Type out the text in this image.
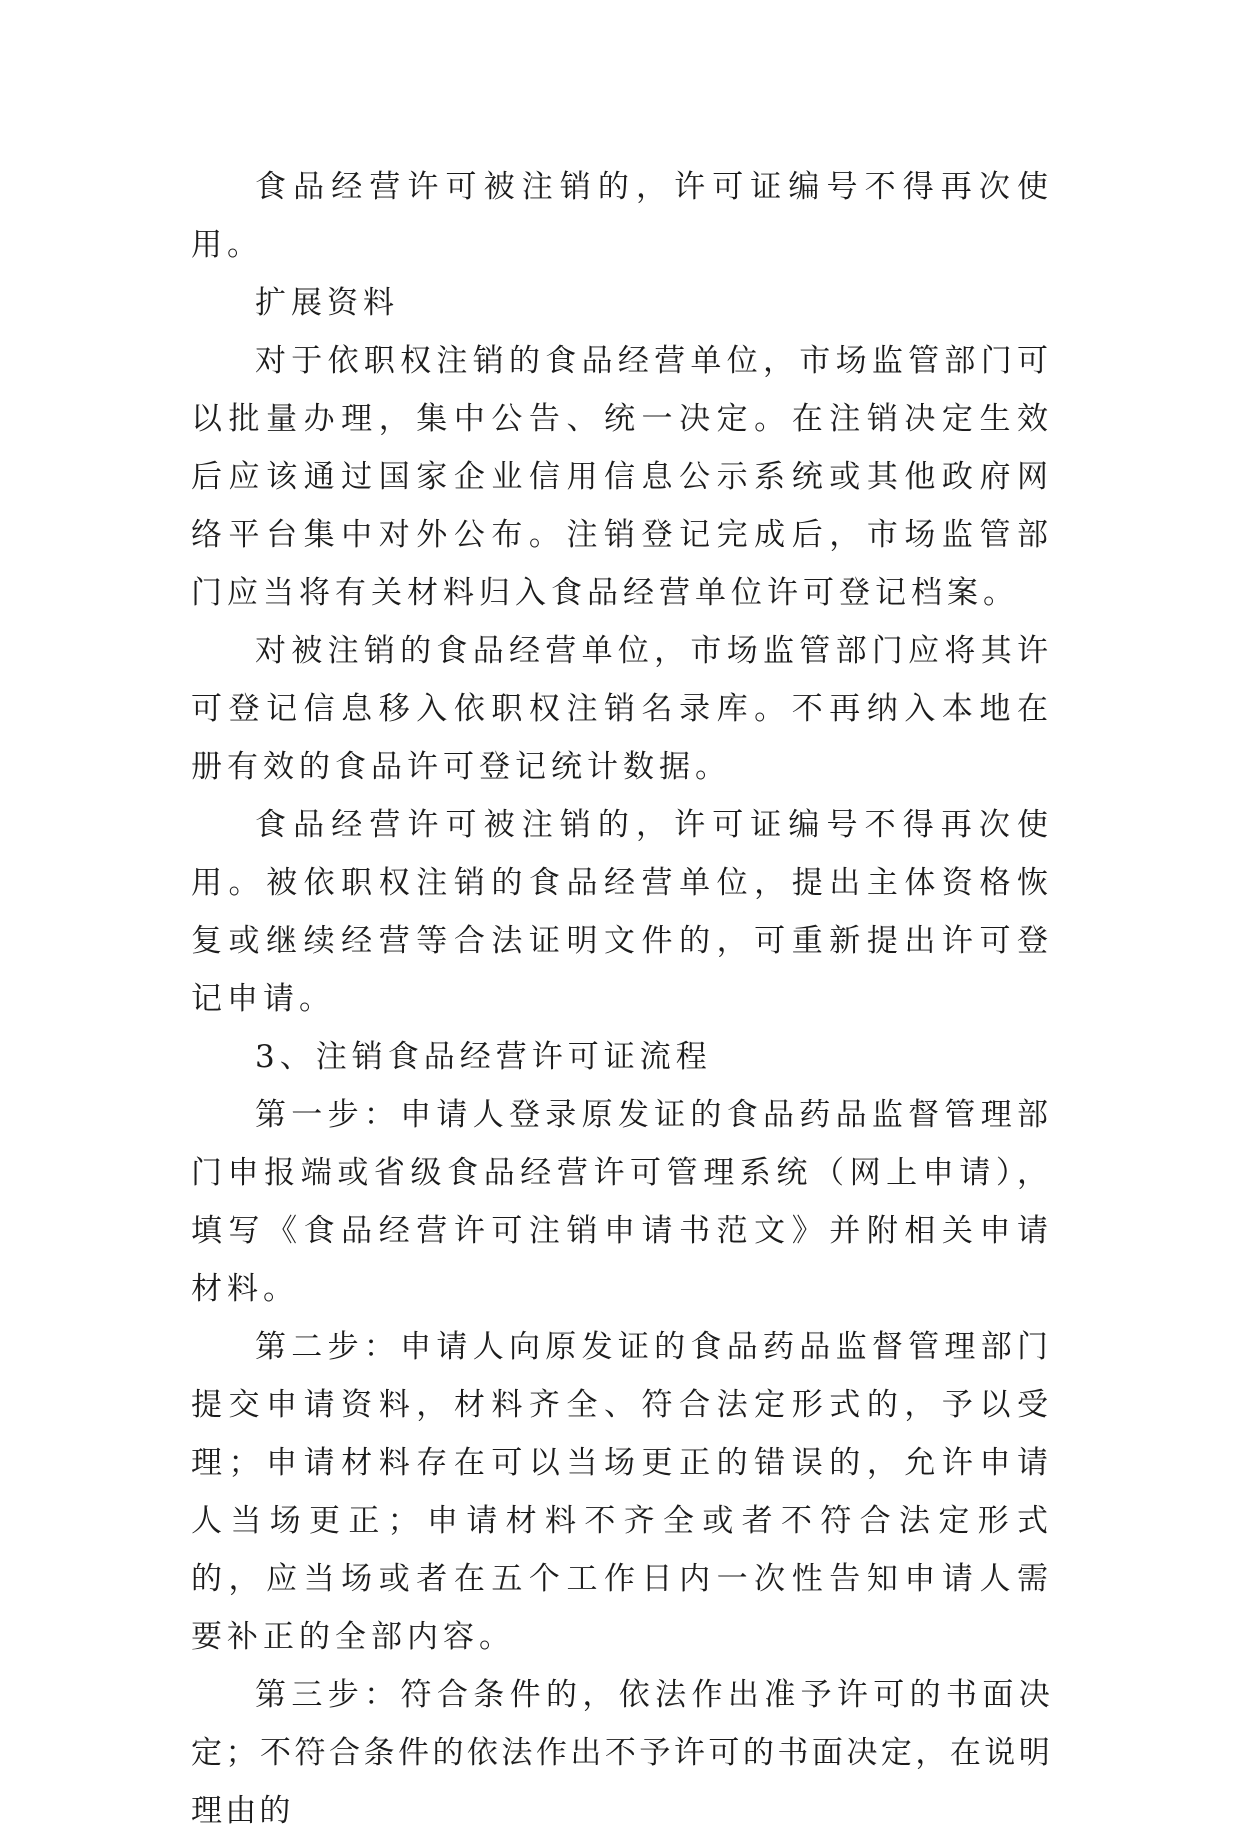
食品经营许可被注销的，许可证编号不得再次使用。

扩展资料

对于依职权注销的食品经营单位，市场监管部门可以批量办理，集中公告、统一决定。在注销决定生效后应该通过国家企业信用信息公示系统或其他政府网络平台集中对外公布。注销登记完成后，市场监管部门应当将有关材料归入食品经营单位许可登记档案。

对被注销的食品经营单位，市场监管部门应将其许可登记信息移入依职权注销名录库。不再纳入本地在册有效的食品许可登记统计数据。

食品经营许可被注销的，许可证编号不得再次使用。被依职权注销的食品经营单位，提出主体资格恢复或继续经营等合法证明文件的，可重新提出许可登记申请。

3、注销食品经营许可证流程

第一步：申请人登录原发证的食品药品监督管理部门申报端或省级食品经营许可管理系统（网上申请），填写《食品经营许可注销申请书范文》并附相关申请材料。

第二步：申请人向原发证的食品药品监督管理部门提交申请资料，材料齐全、符合法定形式的，予以受理；申请材料存在可以当场更正的错误的，允许申请人当场更正；申请材料不齐全或者不符合法定形式的，应当场或者在五个工作日内一次性告知申请人需要补正的全部内容。

第三步：符合条件的，依法作出准予许可的书面决定；不符合条件的依法作出不予许可的书面决定，在说明理由的
